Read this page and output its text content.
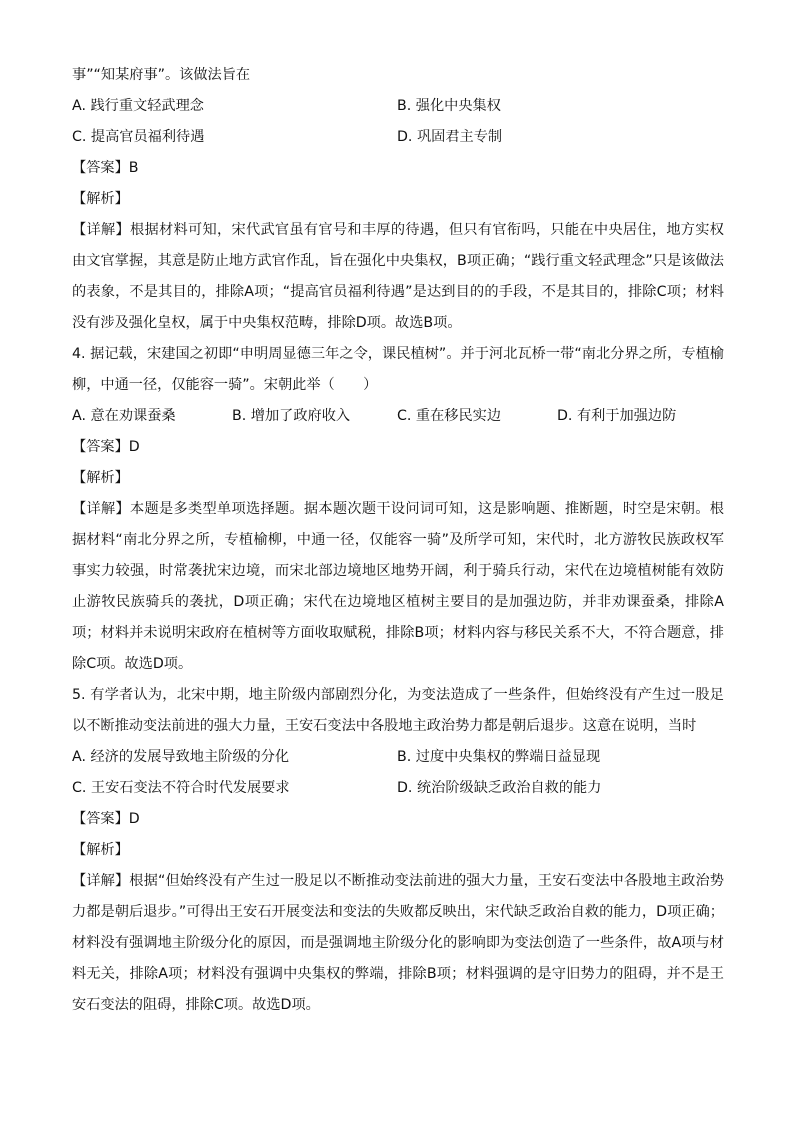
事”“知某府事”。该做法旨在
A. 践行重文轻武理念	B. 强化中央集权
C. 提高官员福利待遇	D. 巩固君主专制
【答案】B
【解析】
【详解】根据材料可知，宋代武官虽有官号和丰厚的待遇，但只有官衔吗，只能在中央居住，地方实权由文官掌握，其意是防止地方武官作乱，旨在强化中央集权，B项正确；“践行重文轻武理念”只是该做法的表象，不是其目的，排除A项；“提高官员福利待遇”是达到目的的手段，不是其目的，排除C项；材料没有涉及强化皇权，属于中央集权范畴，排除D项。故选B项。
4. 据记载，宋建国之初即“申明周显德三年之令，课民植树”。并于河北瓦桥一带“南北分界之所，专植榆柳，中通一径，仅能容一骑”。宋朝此举（　　）
A. 意在劝课蚕桑	B. 增加了政府收入	C. 重在移民实边	D. 有利于加强边防
【答案】D
【解析】
【详解】本题是多类型单项选择题。据本题次题干设问词可知，这是影响题、推断题，时空是宋朝。根据材料“南北分界之所，专植榆柳，中通一径，仅能容一骑”及所学可知，宋代时，北方游牧民族政权军事实力较强，时常袭扰宋边境，而宋北部边境地区地势开阔，利于骑兵行动，宋代在边境植树能有效防止游牧民族骑兵的袭扰，D项正确；宋代在边境地区植树主要目的是加强边防，并非劝课蚕桑，排除A项；材料并未说明宋政府在植树等方面收取赋税，排除B项；材料内容与移民关系不大，不符合题意，排除C项。故选D项。
5. 有学者认为，北宋中期，地主阶级内部剧烈分化，为变法造成了一些条件，但始终没有产生过一股足以不断推动变法前进的强大力量，王安石变法中各股地主政治势力都是朝后退步。这意在说明，当时
A. 经济的发展导致地主阶级的分化	B. 过度中央集权的弊端日益显现
C. 王安石变法不符合时代发展要求	D. 统治阶级缺乏政治自救的能力
【答案】D
【解析】
【详解】根据“但始终没有产生过一股足以不断推动变法前进的强大力量，王安石变法中各股地主政治势力都是朝后退步。”可得出王安石开展变法和变法的失败都反映出，宋代缺乏政治自救的能力，D项正确；材料没有强调地主阶级分化的原因，而是强调地主阶级分化的影响即为变法创造了一些条件，故A项与材料无关，排除A项；材料没有强调中央集权的弊端，排除B项；材料强调的是守旧势力的阻碍，并不是王安石变法的阻碍，排除C项。故选D项。
